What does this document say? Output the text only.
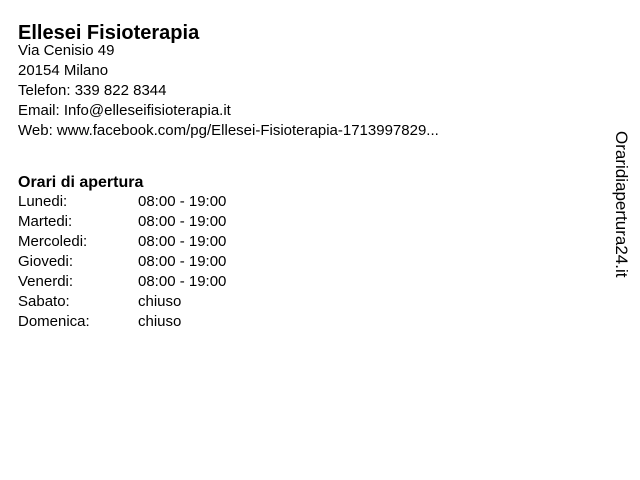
Ellesei Fisioterapia
Via Cenisio 49
20154 Milano
Telefon: 339 822 8344
Email: Info@elleseifisioterapia.it
Web: www.facebook.com/pg/Ellesei-Fisioterapia-1713997829...
Orari di apertura
Lunedi:	08:00 - 19:00
Martedi:	08:00 - 19:00
Mercoledi:	08:00 - 19:00
Giovedi:	08:00 - 19:00
Venerdi:	08:00 - 19:00
Sabato:	chiuso
Domenica:	chiuso
Oraridiapertura24.it
